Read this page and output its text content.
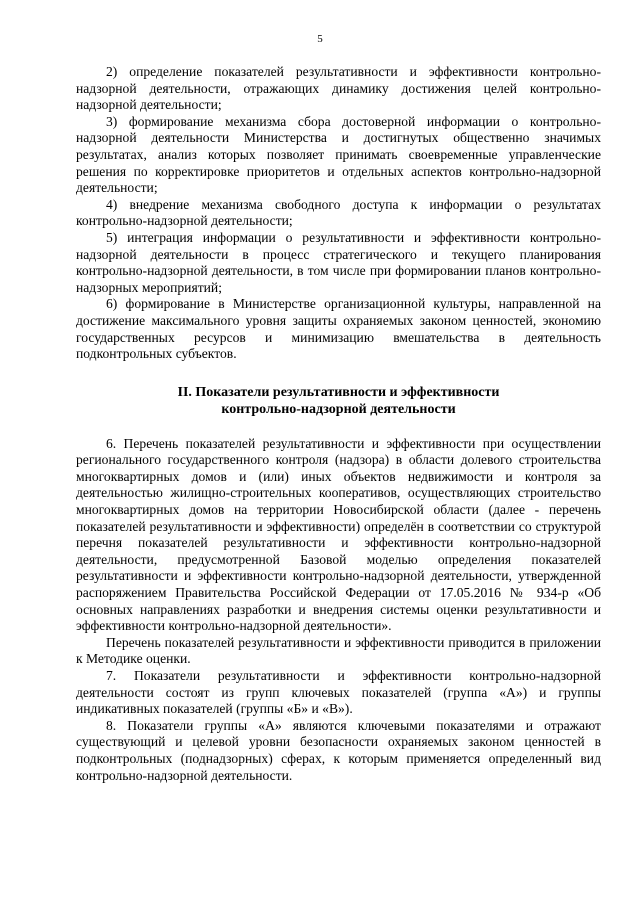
5

2) определение показателей результативности и эффективности контрольно-надзорной деятельности, отражающих динамику достижения целей контрольно-надзорной деятельности;

3) формирование механизма сбора достоверной информации о контрольно-надзорной деятельности Министерства и достигнутых общественно значимых результатах, анализ которых позволяет принимать своевременные управленческие решения по корректировке приоритетов и отдельных аспектов контрольно-надзорной деятельности;

4) внедрение механизма свободного доступа к информации о результатах контрольно-надзорной деятельности;

5) интеграция информации о результативности и эффективности контрольно-надзорной деятельности в процесс стратегического и текущего планирования контрольно-надзорной деятельности, в том числе при формировании планов контрольно-надзорных мероприятий;

6) формирование в Министерстве организационной культуры, направленной на достижение максимального уровня защиты охраняемых законом ценностей, экономию государственных ресурсов и минимизацию вмешательства в деятельность подконтрольных субъектов.

II. Показатели результативности и эффективности
контрольно-надзорной деятельности

6. Перечень показателей результативности и эффективности при осуществлении регионального государственного контроля (надзора) в области долевого строительства многоквартирных домов и (или) иных объектов недвижимости и контроля за деятельностью жилищно-строительных кооперативов, осуществляющих строительство многоквартирных домов на территории Новосибирской области (далее - перечень показателей результативности и эффективности) определён в соответствии со структурой перечня показателей результативности и эффективности контрольно-надзорной деятельности, предусмотренной Базовой моделью определения показателей результативности и эффективности контрольно-надзорной деятельности, утвержденной распоряжением Правительства Российской Федерации от 17.05.2016 № 934-р «Об основных направлениях разработки и внедрения системы оценки результативности и эффективности контрольно-надзорной деятельности».

Перечень показателей результативности и эффективности приводится в приложении к Методике оценки.

7. Показатели результативности и эффективности контрольно-надзорной деятельности состоят из групп ключевых показателей (группа «А») и группы индикативных показателей (группы «Б» и «В»).

8. Показатели группы «А» являются ключевыми показателями и отражают существующий и целевой уровни безопасности охраняемых законом ценностей в подконтрольных (поднадзорных) сферах, к которым применяется определенный вид контрольно-надзорной деятельности.
